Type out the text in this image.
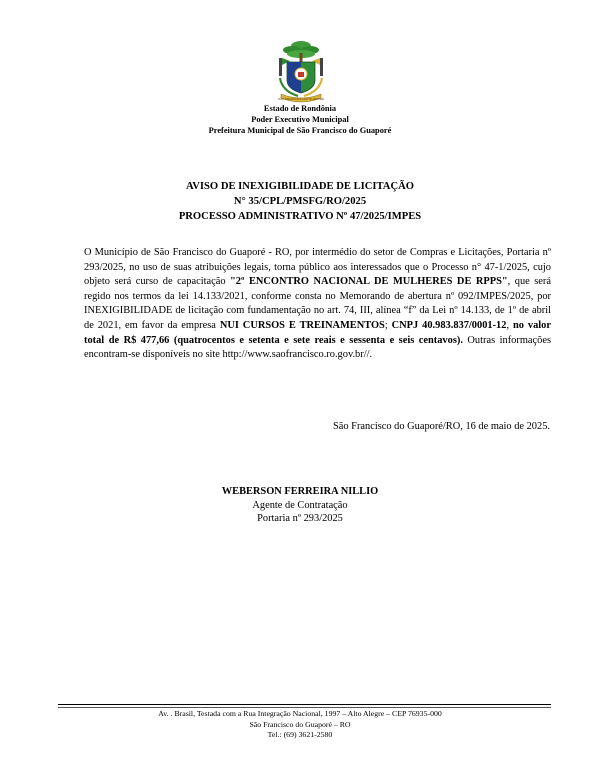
SÃO FRANCISCO DO GUAPORÉ
Estado de Rondônia
Poder Executivo Municipal
Prefeitura Municipal de São Francisco do Guaporé
AVISO DE INEXIGIBILIDADE DE LICITAÇÃO
N° 35/CPL/PMSFG/RO/2025
PROCESSO ADMINISTRATIVO Nº 47/2025/IMPES
O Município de São Francisco do Guaporé - RO, por intermédio do setor de Compras e Licitações, Portaria nº 293/2025, no uso de suas atribuições legais, torna público aos interessados que o Processo n° 47-1/2025, cujo objeto será curso de capacitação "2º ENCONTRO NACIONAL DE MULHERES DE RPPS", que será regido nos termos da lei 14.133/2021, conforme consta no Memorando de abertura nº 092/IMPES/2025, por INEXIGIBILIDADE de licitação com fundamentação no art. 74, III, alínea “f” da Lei nº 14.133, de 1º de abril de 2021, em favor da empresa NUI CURSOS E TREINAMENTOS; CNPJ 40.983.837/0001-12, no valor total de R$ 477,66 (quatrocentos e setenta e sete reais e sessenta e seis centavos). Outras informações encontram-se disponíveis no site http://www.saofrancisco.ro.gov.br//.
São Francisco do Guaporé/RO, 16 de maio de 2025.
WEBERSON FERREIRA NILLIO
Agente de Contratação
Portaria nº 293/2025
Av. . Brasil, Testada com a Rua Integração Nacional, 1997 – Alto Alegre – CEP 76935-000
São Francisco do Guaporé – RO
Tel.: (69) 3621-2580
